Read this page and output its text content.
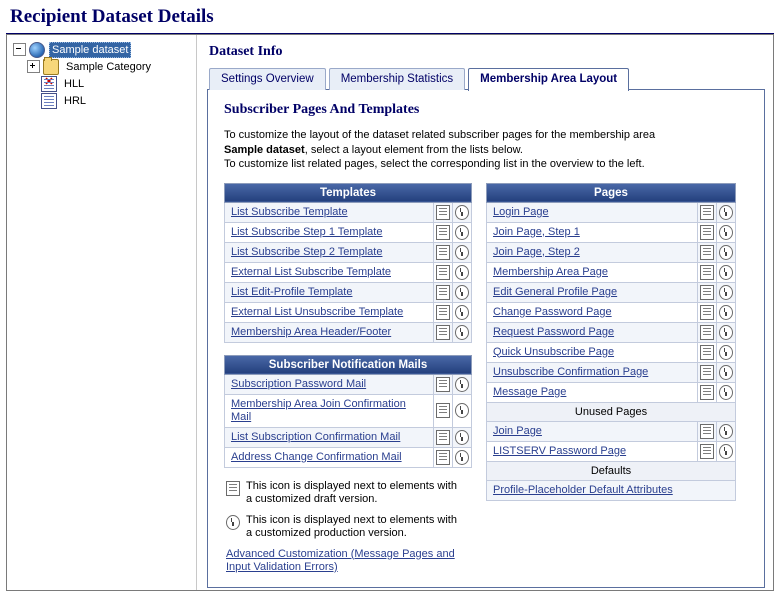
Recipient Dataset Details
Sample dataset
Sample Category
✕
HLL
HRL
Dataset Info
Settings Overview	Membership Statistics	Membership Area Layout
Subscriber Pages And Templates
To customize the layout of the dataset related subscriber pages for the membership area
Sample dataset, select a layout element from the lists below.
To customize list related pages, select the corresponding list in the overview to the left.
Templates		
List Subscribe Template		
List Subscribe Step 1 Template		
List Subscribe Step 2 Template		
External List Subscribe Template		
List Edit-Profile Template		
External List Unsubscribe Template		
Membership Area Header/Footer		
Subscriber Notification Mails		
Subscription Password Mail		
Membership Area Join Confirmation Mail		
List Subscription Confirmation Mail		
Address Change Confirmation Mail		
This icon is displayed next to elements with
a customized draft version.
This icon is displayed next to elements with
a customized production version.
Advanced Customization (Message Pages and
Input Validation Errors)
Pages		
Login Page		
Join Page, Step 1		
Join Page, Step 2		
Membership Area Page		
Edit General Profile Page		
Change Password Page		
Request Password Page		
Quick Unsubscribe Page		
Unsubscribe Confirmation Page		
Message Page		
Unused Pages		
Join Page		
LISTSERV Password Page		
Defaults		
Profile-Placeholder Default Attributes		
